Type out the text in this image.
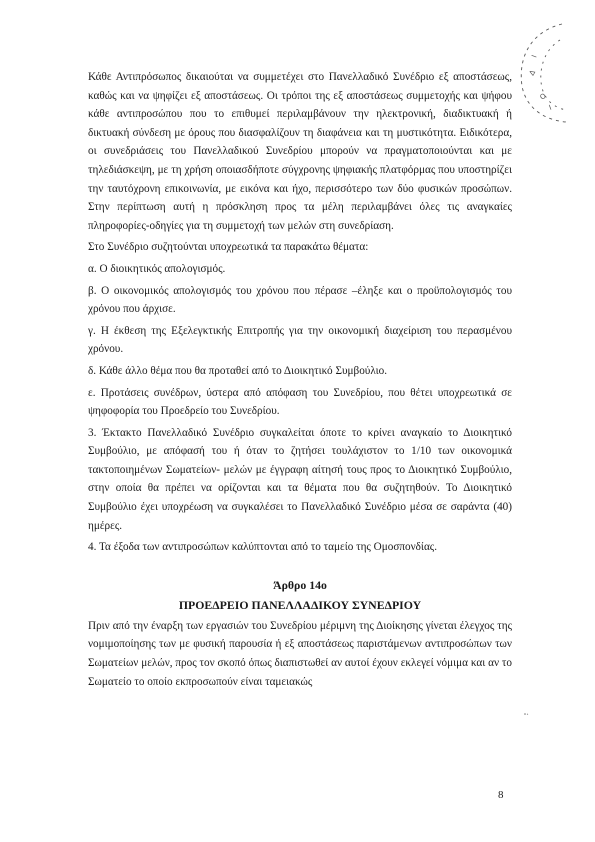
Κάθε Αντιπρόσωπος δικαιούται να συμμετέχει στο Πανελλαδικό Συνέδριο εξ αποστάσεως, καθώς και να ψηφίζει εξ αποστάσεως. Οι τρόποι της εξ αποστάσεως συμμετοχής και ψήφου κάθε αντιπροσώπου που το επιθυμεί περιλαμβάνουν την ηλεκτρονική, διαδικτυακή ή δικτυακή σύνδεση με όρους που διασφαλίζουν τη διαφάνεια και τη μυστικότητα. Ειδικότερα, οι συνεδριάσεις του Πανελλαδικού Συνεδρίου μπορούν να πραγματοποιούνται και με τηλεδιάσκεψη, με τη χρήση οποιασδήποτε σύγχρονης ψηφιακής πλατφόρμας που υποστηρίζει την ταυτόχρονη επικοινωνία, με εικόνα και ήχο, περισσότερο των δύο φυσικών προσώπων. Στην περίπτωση αυτή η πρόσκληση προς τα μέλη περιλαμβάνει όλες τις αναγκαίες πληροφορίες-οδηγίες για τη συμμετοχή των μελών στη συνεδρίαση.

Στο Συνέδριο συζητούνται υποχρεωτικά τα παρακάτω θέματα:

α. Ο διοικητικός απολογισμός.

β. Ο οικονομικός απολογισμός του χρόνου που πέρασε –έληξε και ο προϋπολογισμός του χρόνου που άρχισε.

γ. Η έκθεση της Εξελεγκτικής Επιτροπής για την οικονομική διαχείριση του περασμένου χρόνου.

δ. Κάθε άλλο θέμα που θα προταθεί από το Διοικητικό Συμβούλιο.

ε. Προτάσεις συνέδρων, ύστερα από απόφαση του Συνεδρίου, που θέτει υποχρεωτικά σε ψηφοφορία του Προεδρείο του Συνεδρίου.

3. Έκτακτο Πανελλαδικό Συνέδριο συγκαλείται όποτε το κρίνει αναγκαίο το Διοικητικό Συμβούλιο, με απόφασή του ή όταν το ζητήσει τουλάχιστον το 1/10 των οικονομικά τακτοποιημένων Σωματείων- μελών με έγγραφη αίτησή τους προς το Διοικητικό Συμβούλιο, στην οποία θα πρέπει να ορίζονται και τα θέματα που θα συζητηθούν. Το Διοικητικό Συμβούλιο έχει υποχρέωση να συγκαλέσει το Πανελλαδικό Συνέδριο μέσα σε σαράντα (40) ημέρες.

4. Τα έξοδα των αντιπροσώπων καλύπτονται από το ταμείο της Ομοσπονδίας.

Άρθρο 14ο

ΠΡΟΕΔΡΕΙΟ ΠΑΝΕΛΛΑΔΙΚΟΥ ΣΥΝΕΔΡΙΟΥ

Πριν από την έναρξη των εργασιών του Συνεδρίου μέριμνη της Διοίκησης γίνεται έλεγχος της νομιμοποίησης των με φυσική παρουσία ή εξ αποστάσεως παριστάμενων αντιπροσώπων των Σωματείων μελών, προς τον σκοπό όπως διαπιστωθεί αν αυτοί έχουν εκλεγεί νόμιμα και αν το Σωματείο το οποίο εκπροσωπούν είναι ταμειακώς

8
Ι
Δ
Ο
Ι
